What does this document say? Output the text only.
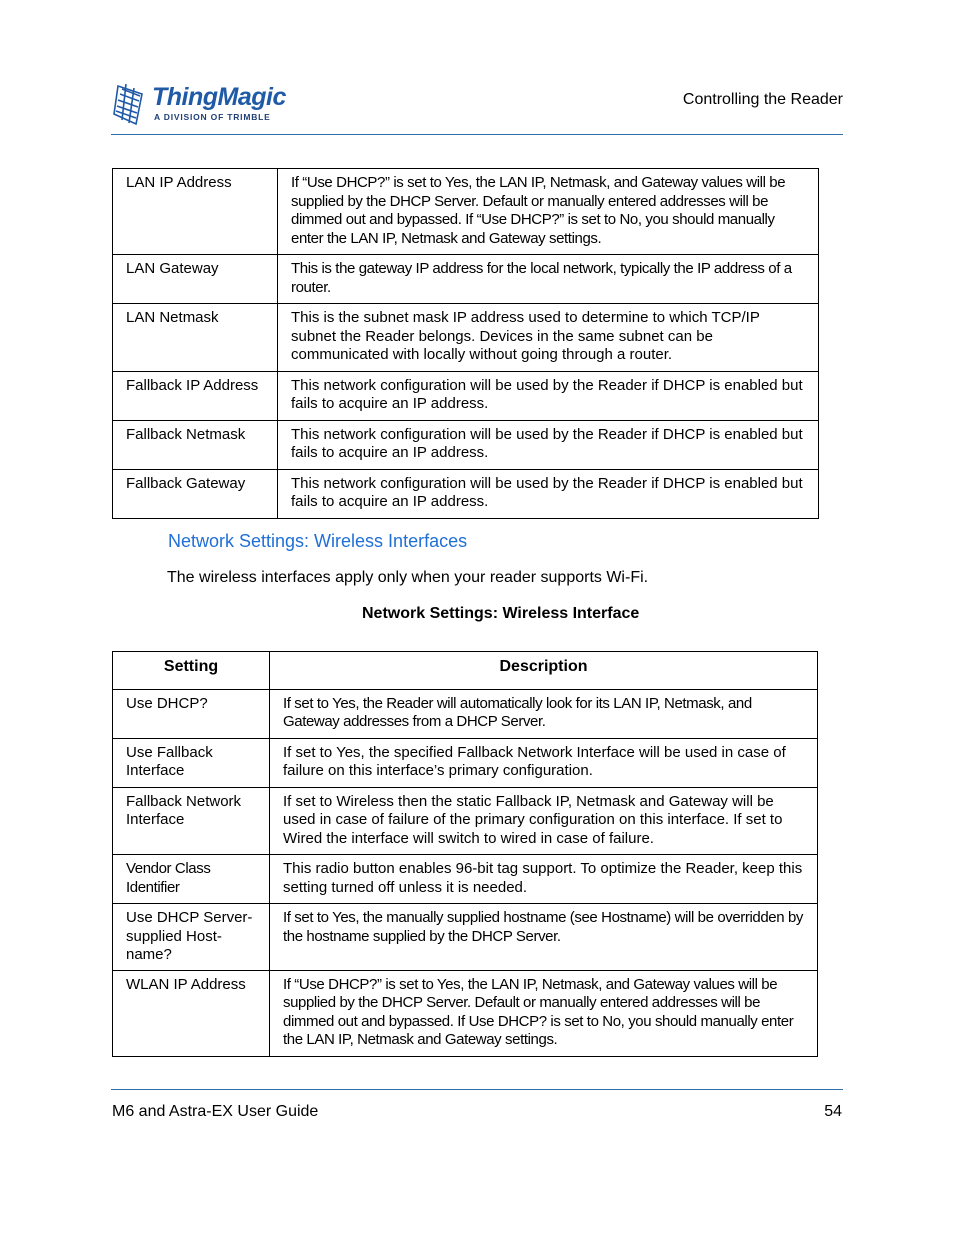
ThingMagic
A DIVISION OF TRIMBLE
Controlling the Reader
LAN IP Address	If “Use DHCP?” is set to Yes, the LAN IP, Netmask, and Gateway values will be supplied by the DHCP Server. Default or manually entered addresses will be dimmed out and bypassed. If “Use DHCP?” is set to No, you should manually enter the LAN IP, Netmask and Gateway settings.
LAN Gateway	This is the gateway IP address for the local network, typically the IP address of a router.
LAN Netmask	This is the subnet mask IP address used to determine to which TCP/IP subnet the Reader belongs. Devices in the same subnet can be communicated with locally without going through a router.
Fallback IP Address	This network configuration will be used by the Reader if DHCP is enabled but fails to acquire an IP address.
Fallback Netmask	This network configuration will be used by the Reader if DHCP is enabled but fails to acquire an IP address.
Fallback Gateway	This network configuration will be used by the Reader if DHCP is enabled but fails to acquire an IP address.
Network Settings: Wireless Interfaces
The wireless interfaces apply only when your reader supports Wi-Fi.
Network Settings: Wireless Interface
Setting	Description
Use DHCP?	If set to Yes, the Reader will automatically look for its LAN IP, Netmask, and Gateway addresses from a DHCP Server.
Use Fallback Interface	If set to Yes, the specified Fallback Network Interface will be used in case of failure on this interface’s primary configuration.
Fallback Network Interface	If set to Wireless then the static Fallback IP, Netmask and Gateway will be used in case of failure of the primary configuration on this interface. If set to Wired the interface will switch to wired in case of failure.
Vendor Class Identifier	This radio button enables 96-bit tag support. To optimize the Reader, keep this setting turned off unless it is needed.
Use DHCP Server- supplied Host- name?	If set to Yes, the manually supplied hostname (see Hostname) will be overridden by the hostname supplied by the DHCP Server.
WLAN IP Address	If “Use DHCP?” is set to Yes, the LAN IP, Netmask, and Gateway values will be supplied by the DHCP Server. Default or manually entered addresses will be dimmed out and bypassed. If Use DHCP? is set to No, you should manually enter the LAN IP, Netmask and Gateway settings.
M6 and Astra-EX User Guide	54
